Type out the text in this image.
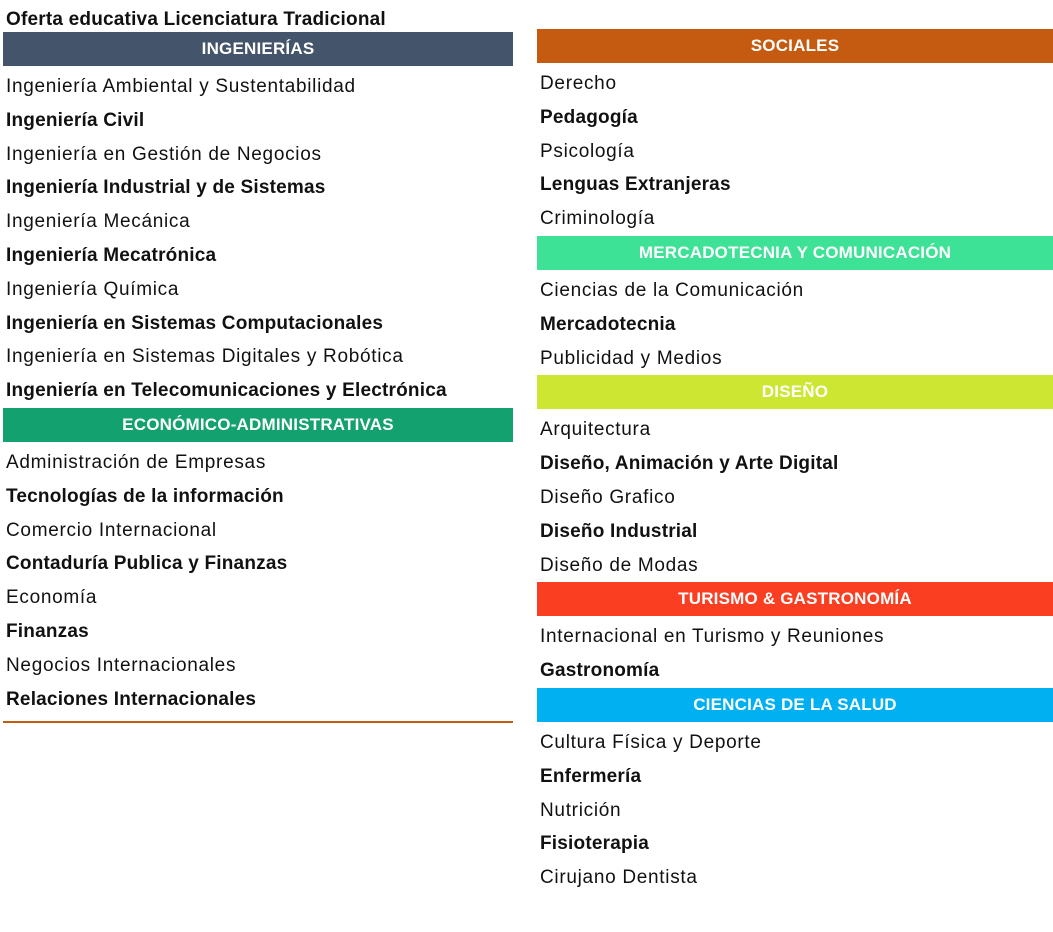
Oferta educativa Licenciatura Tradicional
INGENIERÍAS
Ingeniería Ambiental y Sustentabilidad
Ingeniería Civil
Ingeniería en Gestión de Negocios
Ingeniería Industrial y de Sistemas
Ingeniería Mecánica
Ingeniería Mecatrónica
Ingeniería Química
Ingeniería en Sistemas Computacionales
Ingeniería en Sistemas Digitales y Robótica
Ingeniería en Telecomunicaciones y Electrónica
ECONÓMICO-ADMINISTRATIVAS
Administración de Empresas
Tecnologías de la información
Comercio Internacional
Contaduría Publica y Finanzas
Economía
Finanzas
Negocios Internacionales
Relaciones Internacionales
SOCIALES
Derecho
Pedagogía
Psicología
Lenguas Extranjeras
Criminología
MERCADOTECNIA Y COMUNICACIÓN
Ciencias de la Comunicación
Mercadotecnia
Publicidad y Medios
DISEÑO
Arquitectura
Diseño, Animación y Arte Digital
Diseño Grafico
Diseño Industrial
Diseño de Modas
TURISMO & GASTRONOMÍA
Internacional en Turismo y Reuniones
Gastronomía
CIENCIAS DE LA SALUD
Cultura Física y Deporte
Enfermería
Nutrición
Fisioterapia
Cirujano Dentista
